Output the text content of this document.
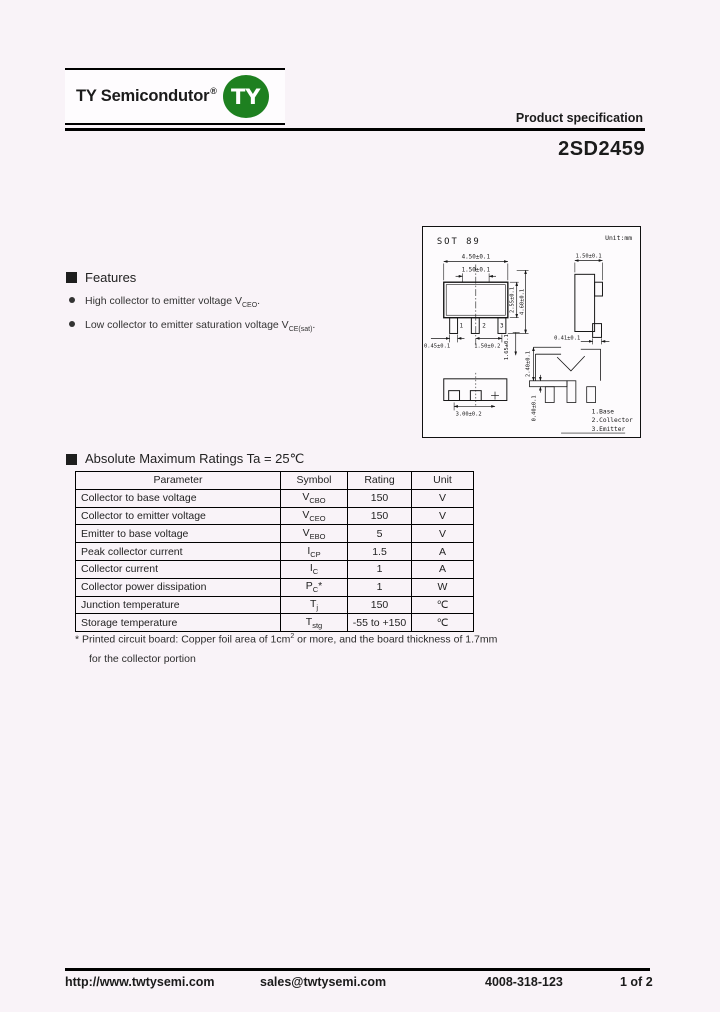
TY Semicondutor® TY
Product specification
2SD2459
Features
High collector to emitter voltage $V_{CEO}$.
Low collector to emitter saturation voltage $V_{CE(sat)}$.
SOT 89	Unit:mm
4.50±0.1
1.50±0.1
2.55±0.1 4.60±0.1
0.45±0.1	1.50±0.2
1.50±0.1
0.41±0.1
3.00±0.2
1.65±0.1
2.40±0.1
0.40±0.1
1	2 3
1.Base
2.Collector
3.Emitter
Absolute Maximum Ratings Ta = 25℃
Parameter	Symbol	Rating	Unit
Collector to base voltage	$V_{CBO}$	150	V
Collector to emitter voltage	$V_{CEO}$	150	V
Emitter to base voltage	$V_{EBO}$	5	V
Peak collector current	$I_{CP}$	1.5	A
Collector current	$I_C$	1	A
Collector power dissipation	$P_C*$	1	W
Junction temperature	$T_j$	150	℃
Storage temperature	$T_{stg}$	-55 to +150	℃
* Printed circuit board: Copper foil area of $1cm^2$ or more, and the board thickness of 1.7mm
for the collector portion
http://www.twtysemi.com	sales@twtysemi.com	4008-318-123	1 of 2
